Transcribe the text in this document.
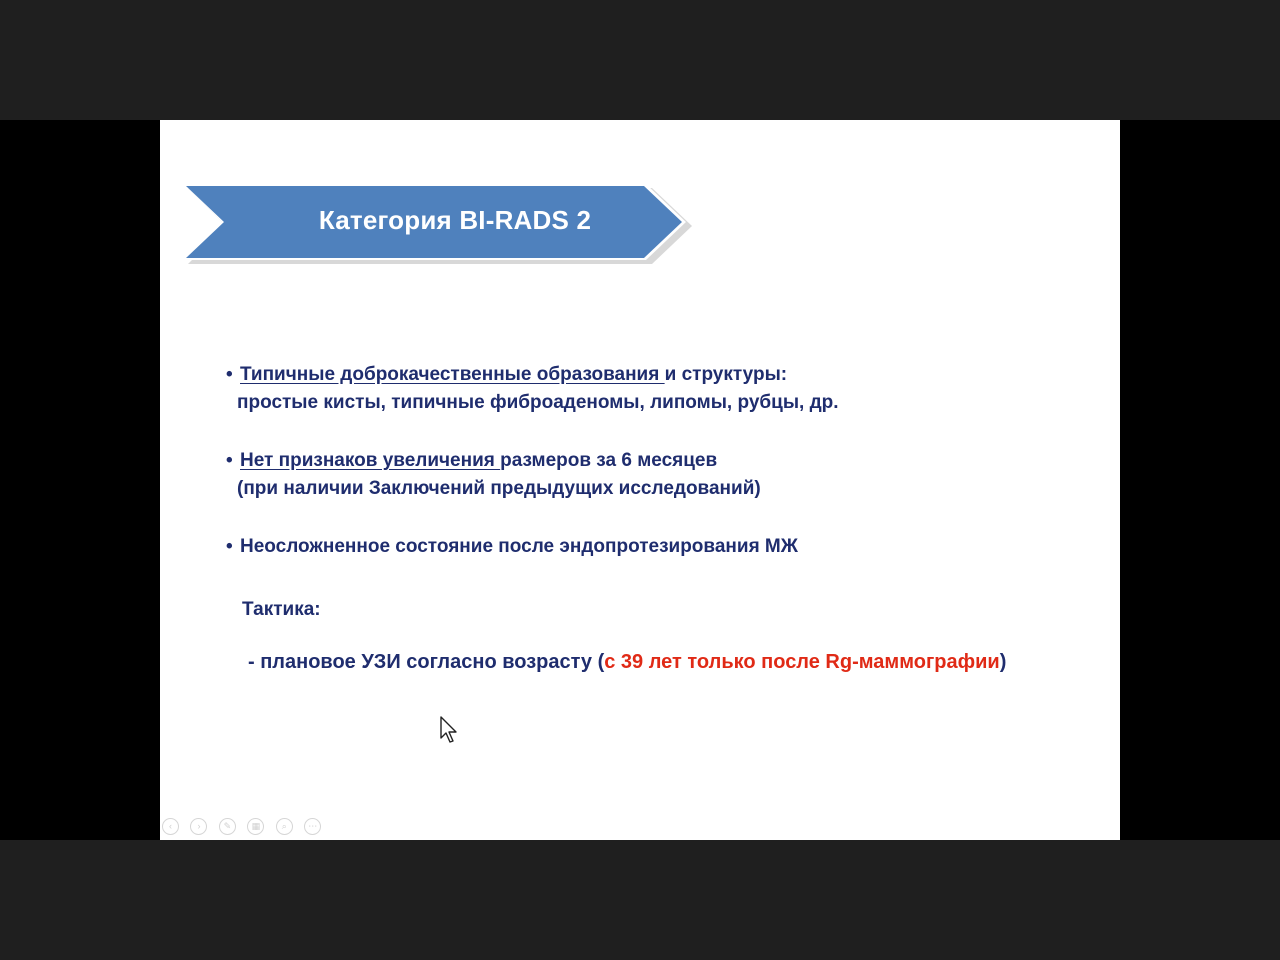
Категория BI-RADS 2
• Типичные доброкачественные образования и структуры:
простые кисты, типичные фиброаденомы, липомы, рубцы, др.
• Нет признаков увеличения размеров за 6 месяцев
(при наличии Заключений предыдущих исследований)
• Неосложненное состояние после эндопротезирования МЖ
Тактика:
- плановое УЗИ согласно возрасту (с 39 лет только после Rg-маммографии)
‹	›	✎ ▦ ⌕ ⋯
